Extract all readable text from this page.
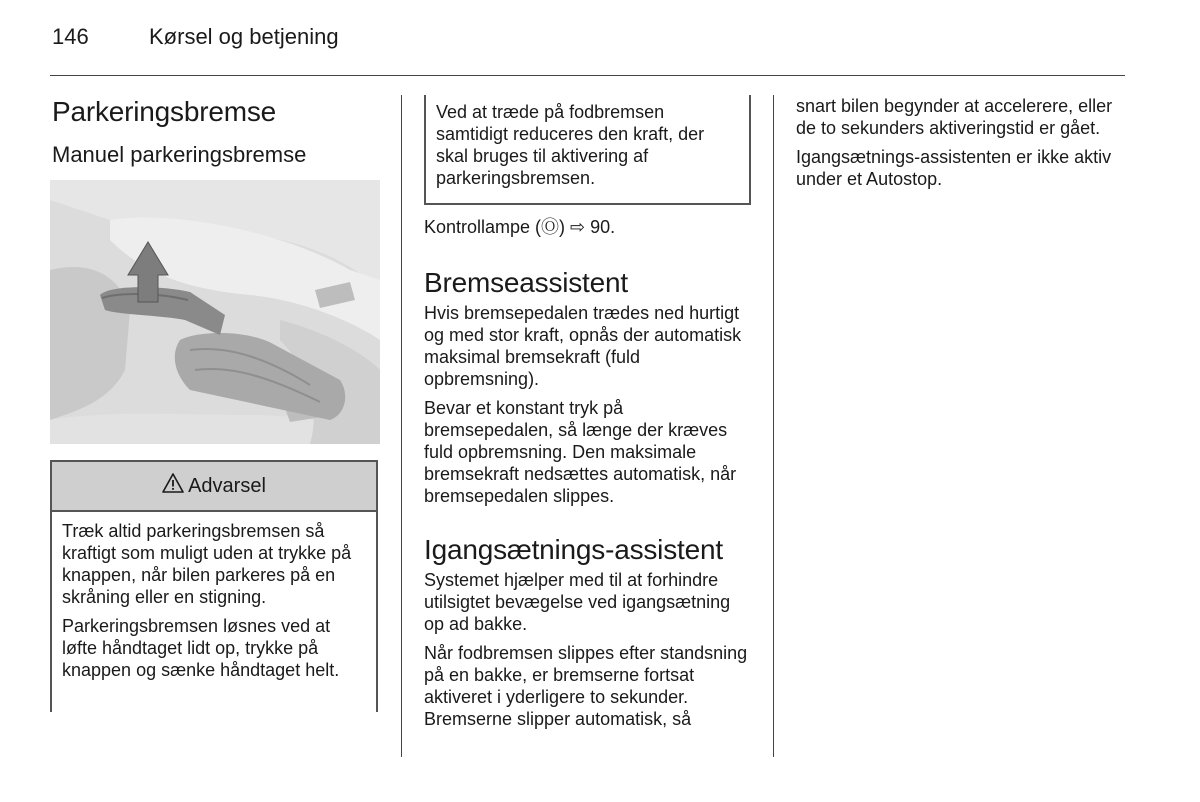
146	Kørsel og betjening
Parkeringsbremse
Manuel parkeringsbremse
Advarsel

Træk altid parkeringsbremsen så kraftigt som muligt uden at trykke på knappen, når bilen parkeres på en skråning eller en stigning.

Parkeringsbremsen løsnes ved at løfte håndtaget lidt op, trykke på knappen og sænke håndtaget helt.

Ved at træde på fodbremsen samtidigt reduceres den kraft, der skal bruges til aktivering af parkeringsbremsen.

Kontrollampe (Ⓞ) ⇨ 90.

Bremseassistent

Hvis bremsepedalen trædes ned hurtigt og med stor kraft, opnås der automatisk maksimal bremsekraft (fuld opbremsning).

Bevar et konstant tryk på bremsepedalen, så længe der kræves fuld opbremsning. Den maksimale bremsekraft nedsættes automatisk, når bremsepedalen slippes.

Igangsætnings-assistent

Systemet hjælper med til at forhindre utilsigtet bevægelse ved igangsætning op ad bakke.

Når fodbremsen slippes efter standsning på en bakke, er bremserne fortsat aktiveret i yderligere to sekunder. Bremserne slipper automatisk, så

snart bilen begynder at accelerere, eller de to sekunders aktiveringstid er gået.

Igangsætnings-assistenten er ikke aktiv under et Autostop.
